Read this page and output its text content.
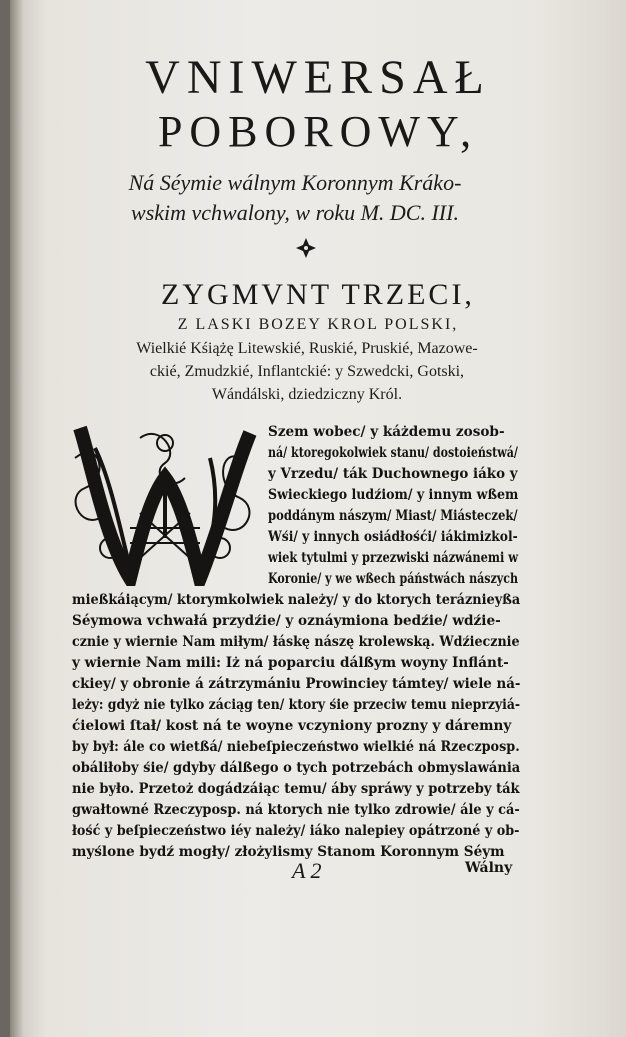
VNIWERSAŁ
POBOROWY,
Ná Séymie wálnym Koronnym Kráko-
wskim vchwalony, w roku M. DC. III.
ZYGMVNT TRZECI,
Z LASKI BOZEY KROL POLSKI,
Wielkié Kśiążę Litewskié, Ruskié, Pruskié, Mazowe-
ckié, Zmudzkié, Inflantckié: y Szwedcki, Gotski,
Wándálski, dziedziczny Król.
Szem wobec/ y káżdemu zosob-
ná/ ktoregokolwiek stanu/ dostoieństwá/
y Vrzedu/ ták Duchownego iáko y
Swieckiego ludźiom/ y innym wßem
poddánym nászym/ Miast/ Miásteczek/
Wśi/ y innych osiádłośći/ iákimizkol-
wiek tytulmi y przezwiski názwánemi w
Koronie/ y we wßech páństwách nászych
mießkáiącym/ ktorymkolwiek należy/ y do ktorych teráznieyßa
Séymowa vchwałá przydźie/ y oznáymiona bedźie/ wdźie-
cznie y wiernie Nam miłym/ łáskę nászę krolewską. Wdźiecznie
y wiernie Nam mili: Iż ná poparciu dálßym woyny Inflánt-
ckiey/ y obronie á zátrzymániu Prowinciey támtey/ wiele ná-
leży: gdyż nie tylko záciąg ten/ ktory śie przeciw temu nieprzyiá-
ćielowi ſtał/ kost ná te woyne vczyniony prozny y dáremny
by był: ále co wietßá/ niebeſpieczeństwo wielkié ná Rzeczposp.
obáliłoby śie/ gdyby dálßego o tych potrzebách obmyslawánia
nie było. Przetoż dogádzáiąc temu/ áby spráwy y potrzeby ták
gwałtowné Rzeczyposp. ná ktorych nie tylko zdrowie/ ále y cá-
łość y beſpieczeństwo iéy należy/ iáko nalepiey opátrzoné y ob-
myślone bydź mogły/ złożylismy Stanom Koronnym Séym
A 2	Wálny
